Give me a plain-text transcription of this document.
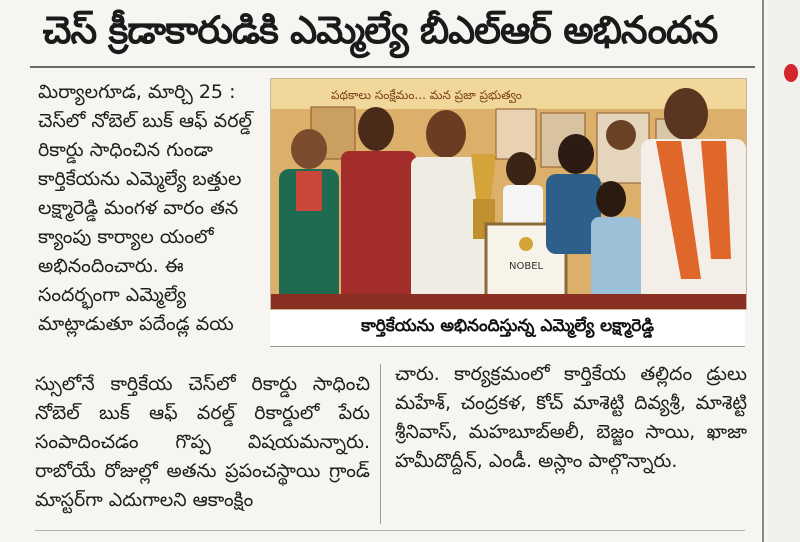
చెస్ క్రీడాకారుడికి ఎమ్మెల్యే బీఎల్ఆర్ అభినందన

మిర్యాలగూడ, మార్చి 25 : చెస్‌లో నోబెల్ బుక్ ఆఫ్ వరల్డ్ రికార్డు సాధించిన గుండా కార్తికేయను ఎమ్మెల్యే బత్తుల లక్ష్మారెడ్డి మంగళ వారం తన క్యాంపు కార్యాల యంలో అభినందించారు. ఈ సందర్భంగా ఎమ్మెల్యే మాట్లాడుతూ పదేండ్ల వయ

పథకాలు సంక్షేమం... మన ప్రజా ప్రభుత్వం
NOBEL
కార్తికేయను అభినందిస్తున్న ఎమ్మెల్యే లక్ష్మారెడ్డి

స్సులోనే కార్తికేయ చెస్‌లో రికార్డు సాధించి నోబెల్ బుక్ ఆఫ్ వరల్డ్ రికార్డులో పేరు సంపాదించడం గొప్ప విషయమన్నారు. రాబోయే రోజుల్లో అతను ప్రపంచస్థాయి గ్రాండ్ మాస్టర్‌గా ఎదుగాలని ఆకాంక్షిం

చారు. కార్యక్రమంలో కార్తికేయ తల్లిదం డ్రులు మహేశ్, చంద్రకళ, కోచ్ మాశెట్టి దివ్యశ్రీ, మాశెట్టి శ్రీనివాస్, మహబూబ్‌అలీ, బెజ్జం సాయి, ఖాజా హమీదొద్దీన్, ఎండీ. అస్లాం పాల్గొన్నారు.
